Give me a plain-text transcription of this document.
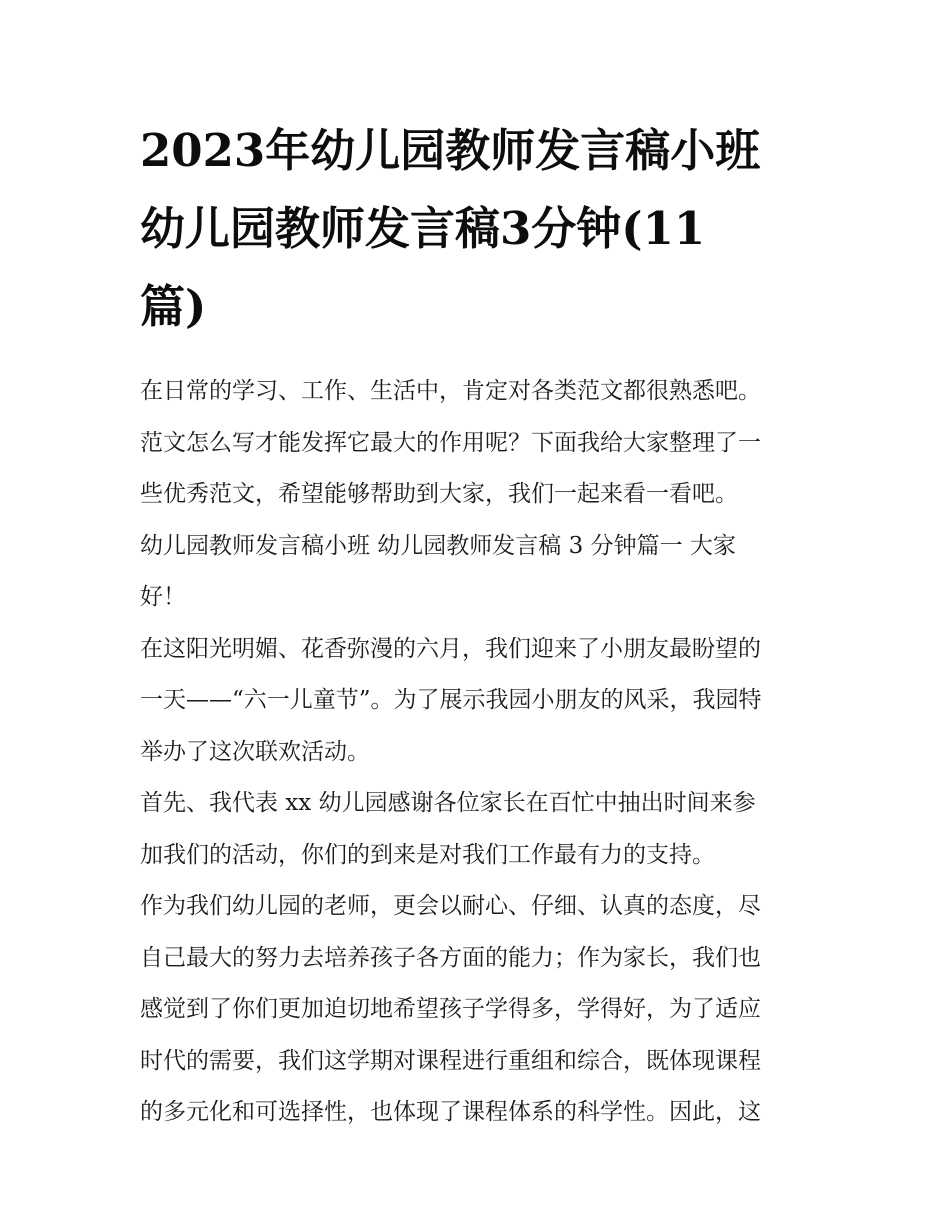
2023年幼儿园教师发言稿小班
幼儿园教师发言稿3分钟(11
篇)
在日常的学习、工作、生活中，肯定对各类范文都很熟悉吧。
范文怎么写才能发挥它最大的作用呢？下面我给大家整理了一
些优秀范文，希望能够帮助到大家，我们一起来看一看吧。
幼儿园教师发言稿小班 幼儿园教师发言稿 3 分钟篇一 大家
好！
在这阳光明媚、花香弥漫的六月，我们迎来了小朋友最盼望的
一天——“六一儿童节”。为了展示我园小朋友的风采，我园特
举办了这次联欢活动。
首先、我代表 xx 幼儿园感谢各位家长在百忙中抽出时间来参
加我们的活动，你们的到来是对我们工作最有力的支持。
作为我们幼儿园的老师，更会以耐心、仔细、认真的态度，尽
自己最大的努力去培养孩子各方面的能力；作为家长，我们也
感觉到了你们更加迫切地希望孩子学得多，学得好，为了适应
时代的需要，我们这学期对课程进行重组和综合，既体现课程
的多元化和可选择性，也体现了课程体系的科学性。因此，这
